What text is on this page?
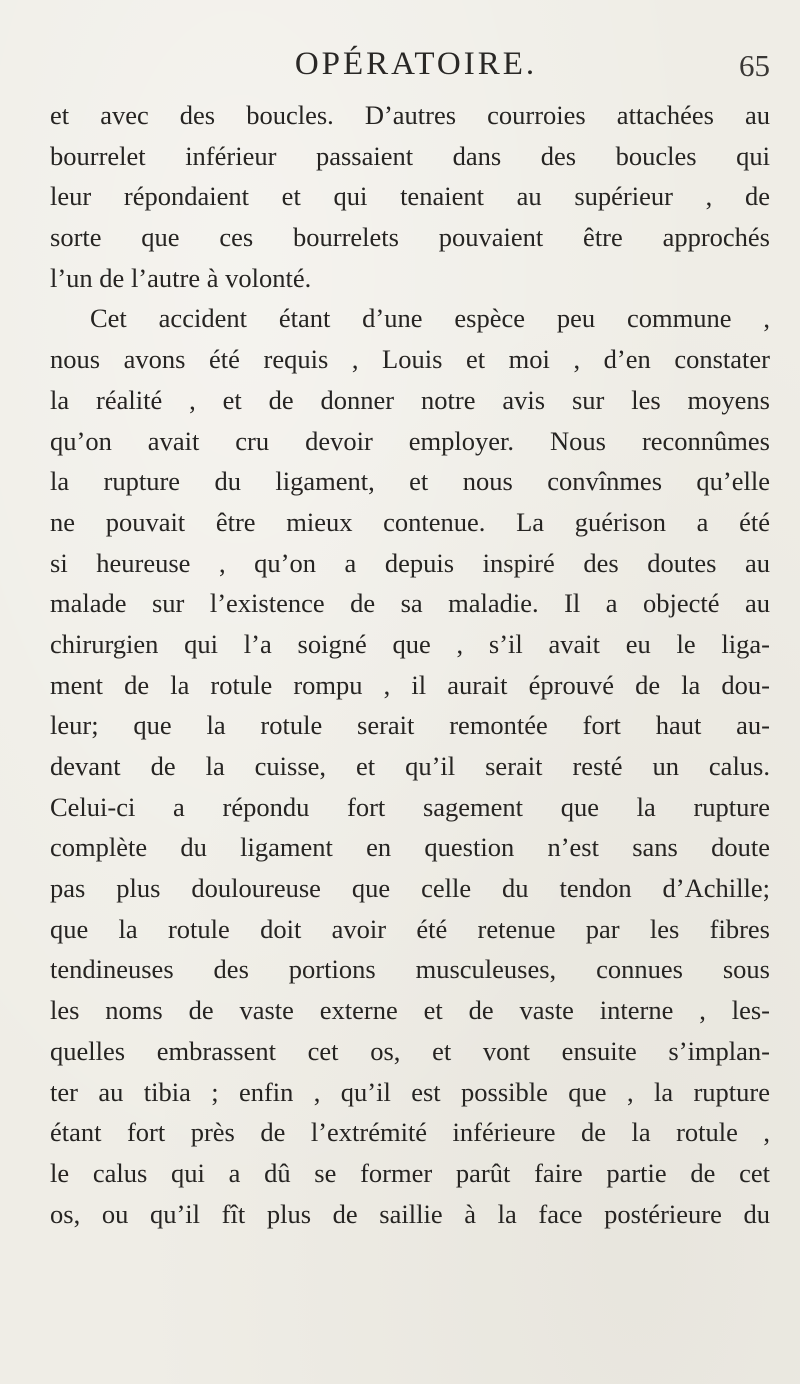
OPÉRATOIRE.	65
et avec des boucles. D’autres courroies attachées au
bourrelet inférieur passaient dans des boucles qui
leur répondaient et qui tenaient au supérieur , de
sorte que ces bourrelets pouvaient être approchés
l’un de l’autre à volonté.
Cet accident étant d’une espèce peu commune ,
nous avons été requis , Louis et moi , d’en constater
la réalité , et de donner notre avis sur les moyens
qu’on avait cru devoir employer. Nous reconnûmes
la rupture du ligament, et nous convînmes qu’elle
ne pouvait être mieux contenue. La guérison a été
si heureuse , qu’on a depuis inspiré des doutes au
malade sur l’existence de sa maladie. Il a objecté au
chirurgien qui l’a soigné que , s’il avait eu le liga-
ment de la rotule rompu , il aurait éprouvé de la dou-
leur; que la rotule serait remontée fort haut au-
devant de la cuisse, et qu’il serait resté un calus.
Celui-ci a répondu fort sagement que la rupture
complète du ligament en question n’est sans doute
pas plus douloureuse que celle du tendon d’Achille;
que la rotule doit avoir été retenue par les fibres
tendineuses des portions musculeuses, connues sous
les noms de vaste externe et de vaste interne , les-
quelles embrassent cet os, et vont ensuite s’implan-
ter au tibia ; enfin , qu’il est possible que , la rupture
étant fort près de l’extrémité inférieure de la rotule ,
le calus qui a dû se former parût faire partie de cet
os, ou qu’il fît plus de saillie à la face postérieure du
